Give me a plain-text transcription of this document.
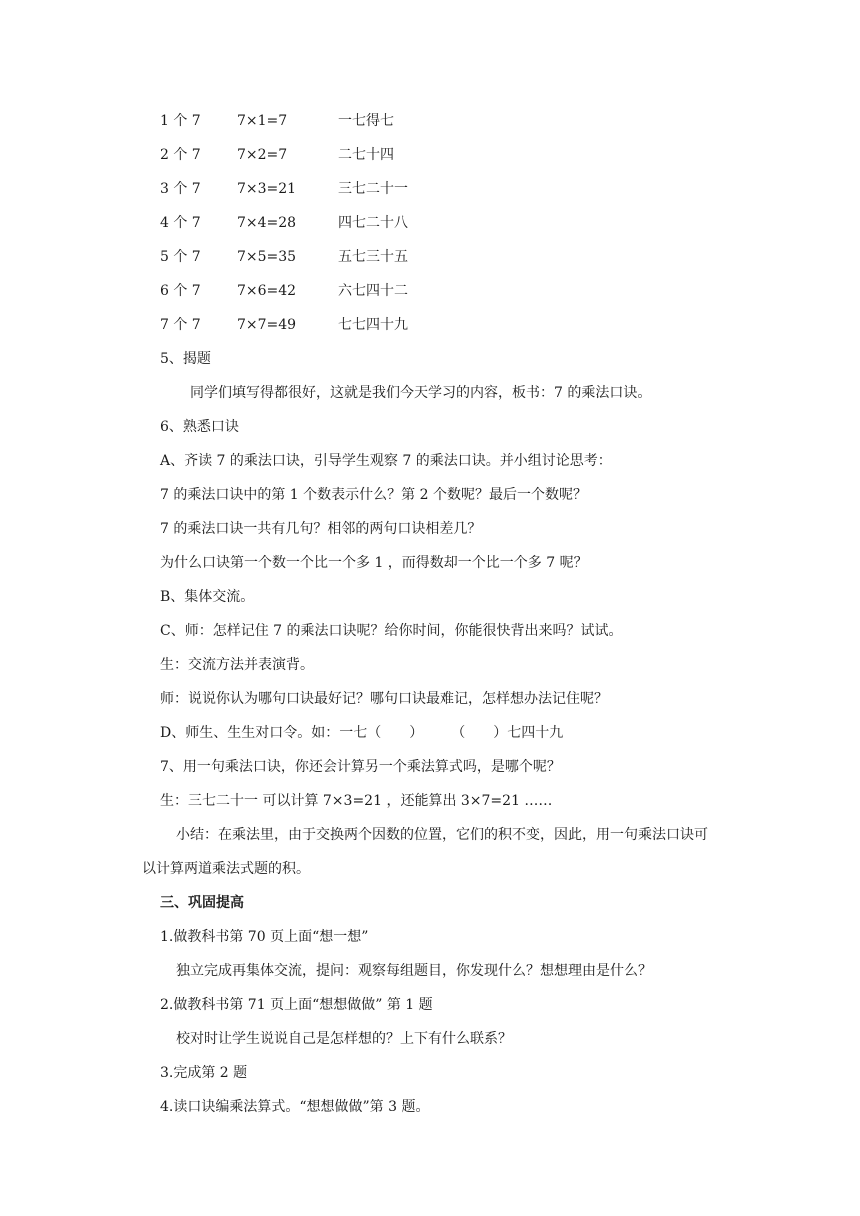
1 个 7	7×1=7	一七得七
2 个 7	7×2=7	二七十四
3 个 7	7×3=21	三七二十一
4 个 7	7×4=28	四七二十八
5 个 7	7×5=35	五七三十五
6 个 7	7×6=42	六七四十二
7 个 7	7×7=49	七七四十九
5、揭题
同学们填写得都很好，这就是我们今天学习的内容，板书：7 的乘法口诀。
6、熟悉口诀
A、齐读 7 的乘法口诀，引导学生观察 7 的乘法口诀。并小组讨论思考：
7 的乘法口诀中的第 1 个数表示什么？第 2 个数呢？最后一个数呢？
7 的乘法口诀一共有几句？相邻的两句口诀相差几？
为什么口诀第一个数一个比一个多 1 ，而得数却一个比一个多 7 呢？
B、集体交流。
C、师：怎样记住 7 的乘法口诀呢？给你时间，你能很快背出来吗？试试。
生：交流方法并表演背。
师：说说你认为哪句口诀最好记？哪句口诀最难记，怎样想办法记住呢？
D、师生、生生对口令。如：一七（　　）　　　（　　）七四十九
7、用一句乘法口诀，你还会计算另一个乘法算式吗，是哪个呢？
生：三七二十一 可以计算 7×3=21 ，还能算出 3×7=21 ……
小结：在乘法里，由于交换两个因数的位置，它们的积不变，因此，用一句乘法口诀可
以计算两道乘法式题的积。
三、巩固提高
1.做教科书第 70 页上面“想一想”
独立完成再集体交流，提问：观察每组题目，你发现什么？想想理由是什么？
2.做教科书第 71 页上面“想想做做” 第 1 题
校对时让学生说说自己是怎样想的？上下有什么联系？
3.完成第 2 题
4.读口诀编乘法算式。“想想做做”第 3 题。
